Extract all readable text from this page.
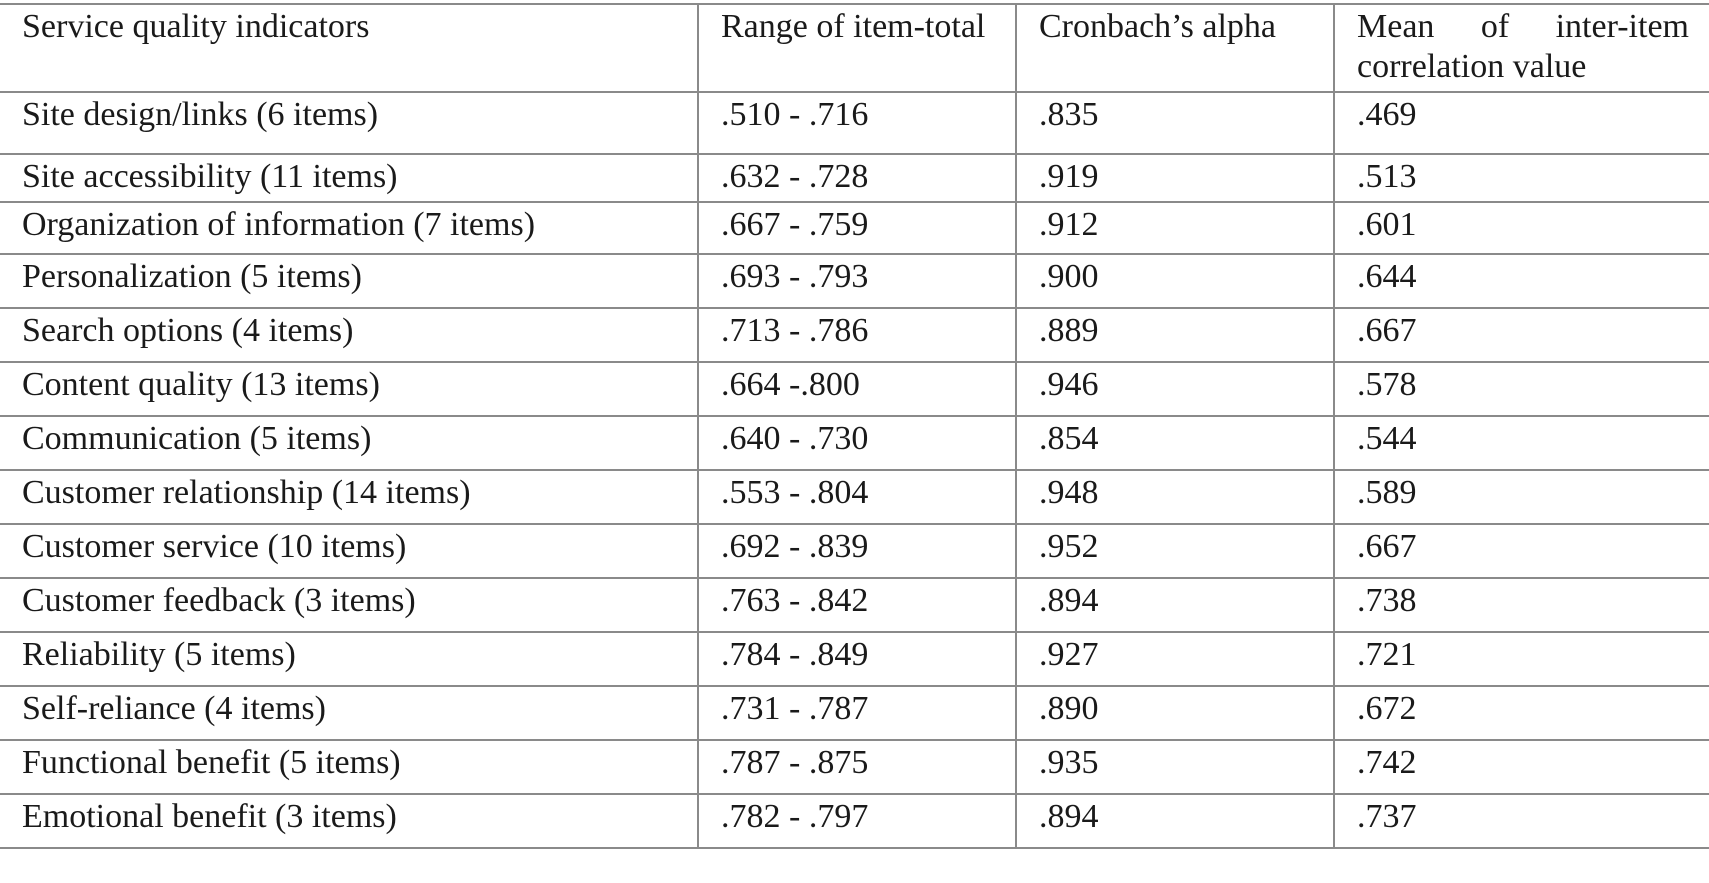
Service quality indicators	Range of item-total	Cronbach’s alpha	Mean of inter-item correlation value
Site design/links (6 items)	.510 - .716	.835	.469
Site accessibility (11 items)	.632 - .728	.919	.513
Organization of information (7 items)	.667 - .759	.912	.601
Personalization (5 items)	.693 - .793	.900	.644
Search options (4 items)	.713 - .786	.889	.667
Content quality (13 items)	.664 -.800	.946	.578
Communication (5 items)	.640 - .730	.854	.544
Customer relationship (14 items)	.553 - .804	.948	.589
Customer service (10 items)	.692 - .839	.952	.667
Customer feedback (3 items)	.763 - .842	.894	.738
Reliability (5 items)	.784 - .849	.927	.721
Self-reliance (4 items)	.731 - .787	.890	.672
Functional benefit (5 items)	.787 - .875	.935	.742
Emotional benefit (3 items)	.782 - .797	.894	.737
